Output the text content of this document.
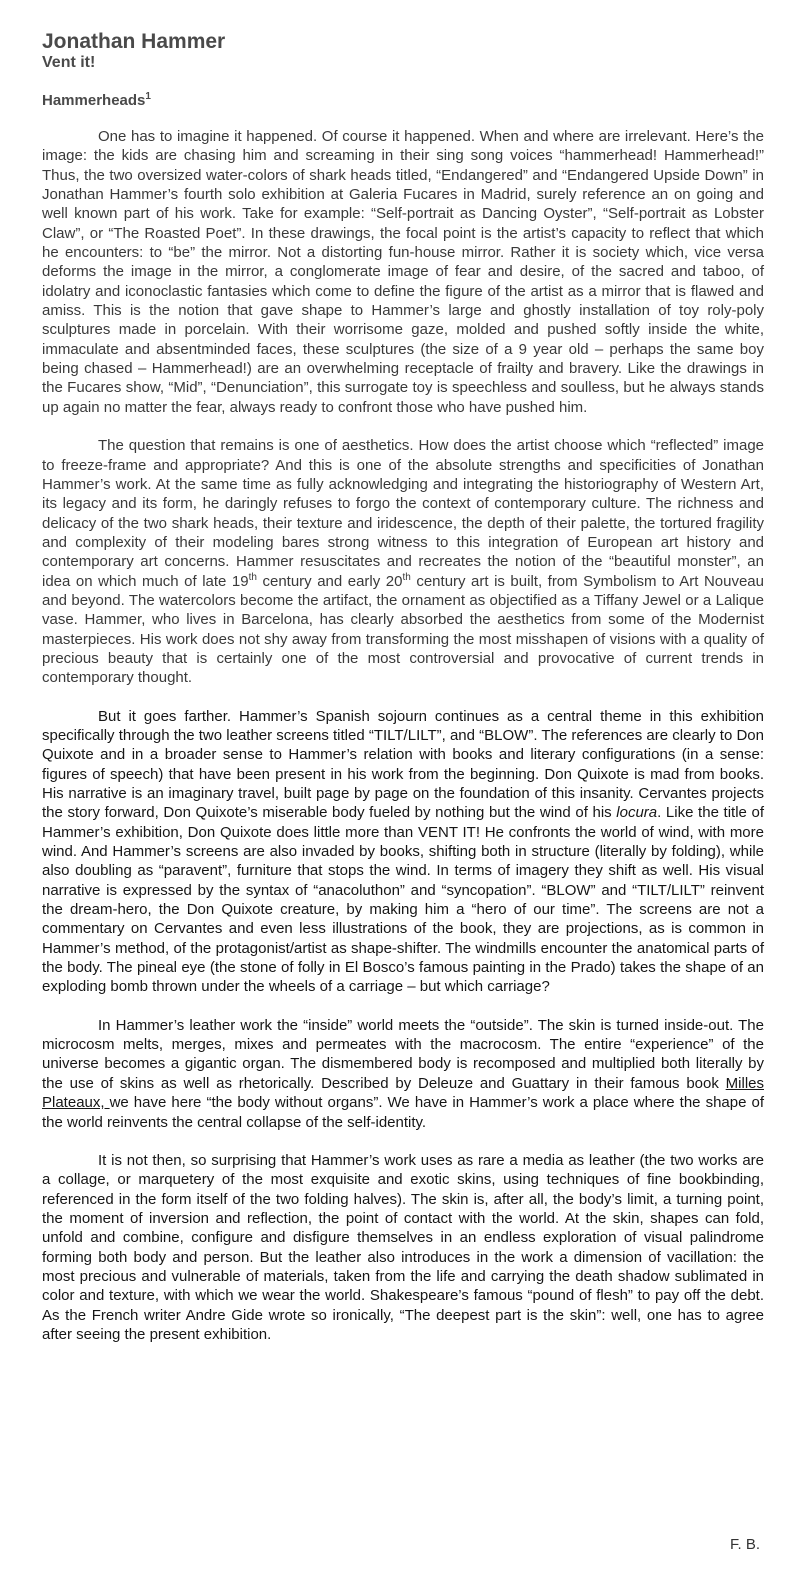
Jonathan Hammer
Vent it!
Hammerheads$^1$

One has to imagine it happened. Of course it happened. When and where are irrelevant. Here’s the image: the kids are chasing him and screaming in their sing song voices “hammerhead! Hammerhead!” Thus, the two oversized water-colors of shark heads titled, “Endangered” and “Endangered Upside Down” in Jonathan Hammer’s fourth solo exhibition at Galeria Fucares in Madrid, surely reference an on going and well known part of his work. Take for example: “Self-portrait as Dancing Oyster”, “Self-portrait as Lobster Claw”, or “The Roasted Poet”. In these drawings, the focal point is the artist’s capacity to reflect that which he encounters: to “be” the mirror. Not a distorting fun-house mirror. Rather it is society which, vice versa deforms the image in the mirror, a conglomerate image of fear and desire, of the sacred and taboo, of idolatry and iconoclastic fantasies which come to define the figure of the artist as a mirror that is flawed and amiss. This is the notion that gave shape to Hammer’s large and ghostly installation of toy roly-poly sculptures made in porcelain. With their worrisome gaze, molded and pushed softly inside the white, immaculate and absentminded faces, these sculptures (the size of a 9 year old – perhaps the same boy being chased – Hammerhead!) are an overwhelming receptacle of frailty and bravery. Like the drawings in the Fucares show, “Mid”, “Denunciation”, this surrogate toy is speechless and soulless, but he always stands up again no matter the fear, always ready to confront those who have pushed him.

The question that remains is one of aesthetics. How does the artist choose which “reflected” image to freeze-frame and appropriate? And this is one of the absolute strengths and specificities of Jonathan Hammer’s work. At the same time as fully acknowledging and integrating the historiography of Western Art, its legacy and its form, he daringly refuses to forgo the context of contemporary culture. The richness and delicacy of the two shark heads, their texture and iridescence, the depth of their palette, the tortured fragility and complexity of their modeling bares strong witness to this integration of European art history and contemporary art concerns. Hammer resuscitates and recreates the notion of the “beautiful monster”, an idea on which much of late 19th century and early 20th century art is built, from Symbolism to Art Nouveau and beyond. The watercolors become the artifact, the ornament as objectified as a Tiffany Jewel or a Lalique vase. Hammer, who lives in Barcelona, has clearly absorbed the aesthetics from some of the Modernist masterpieces. His work does not shy away from transforming the most misshapen of visions with a quality of precious beauty that is certainly one of the most controversial and provocative of current trends in contemporary thought.

But it goes farther. Hammer’s Spanish sojourn continues as a central theme in this exhibition specifically through the two leather screens titled “TILT/LILT”, and “BLOW”. The references are clearly to Don Quixote and in a broader sense to Hammer’s relation with books and literary configurations (in a sense: figures of speech) that have been present in his work from the beginning. Don Quixote is mad from books. His narrative is an imaginary travel, built page by page on the foundation of this insanity. Cervantes projects the story forward, Don Quixote’s miserable body fueled by nothing but the wind of his locura. Like the title of Hammer’s exhibition, Don Quixote does little more than VENT IT! He confronts the world of wind, with more wind. And Hammer’s screens are also invaded by books, shifting both in structure (literally by folding), while also doubling as “paravent”, furniture that stops the wind. In terms of imagery they shift as well. His visual narrative is expressed by the syntax of “anacoluthon” and “syncopation”. “BLOW” and “TILT/LILT” reinvent the dream-hero, the Don Quixote creature, by making him a “hero of our time”. The screens are not a commentary on Cervantes and even less illustrations of the book, they are projections, as is common in Hammer’s method, of the protagonist/artist as shape-shifter. The windmills encounter the anatomical parts of the body. The pineal eye (the stone of folly in El Bosco’s famous painting in the Prado) takes the shape of an exploding bomb thrown under the wheels of a carriage – but which carriage?

In Hammer’s leather work the “inside” world meets the “outside”. The skin is turned inside-out. The microcosm melts, merges, mixes and permeates with the macrocosm. The entire “experience” of the universe becomes a gigantic organ. The dismembered body is recomposed and multiplied both literally by the use of skins as well as rhetorically. Described by Deleuze and Guattary in their famous book Milles Plateaux, we have here “the body without organs”. We have in Hammer’s work a place where the shape of the world reinvents the central collapse of the self-identity.

It is not then, so surprising that Hammer’s work uses as rare a media as leather (the two works are a collage, or marquetery of the most exquisite and exotic skins, using techniques of fine bookbinding, referenced in the form itself of the two folding halves). The skin is, after all, the body’s limit, a turning point, the moment of inversion and reflection, the point of contact with the world. At the skin, shapes can fold, unfold and combine, configure and disfigure themselves in an endless exploration of visual palindrome forming both body and person. But the leather also introduces in the work a dimension of vacillation: the most precious and vulnerable of materials, taken from the life and carrying the death shadow sublimated in color and texture, with which we wear the world. Shakespeare’s famous “pound of flesh” to pay off the debt. As the French writer Andre Gide wrote so ironically, “The deepest part is the skin”: well, one has to agree after seeing the present exhibition.

F. B.
